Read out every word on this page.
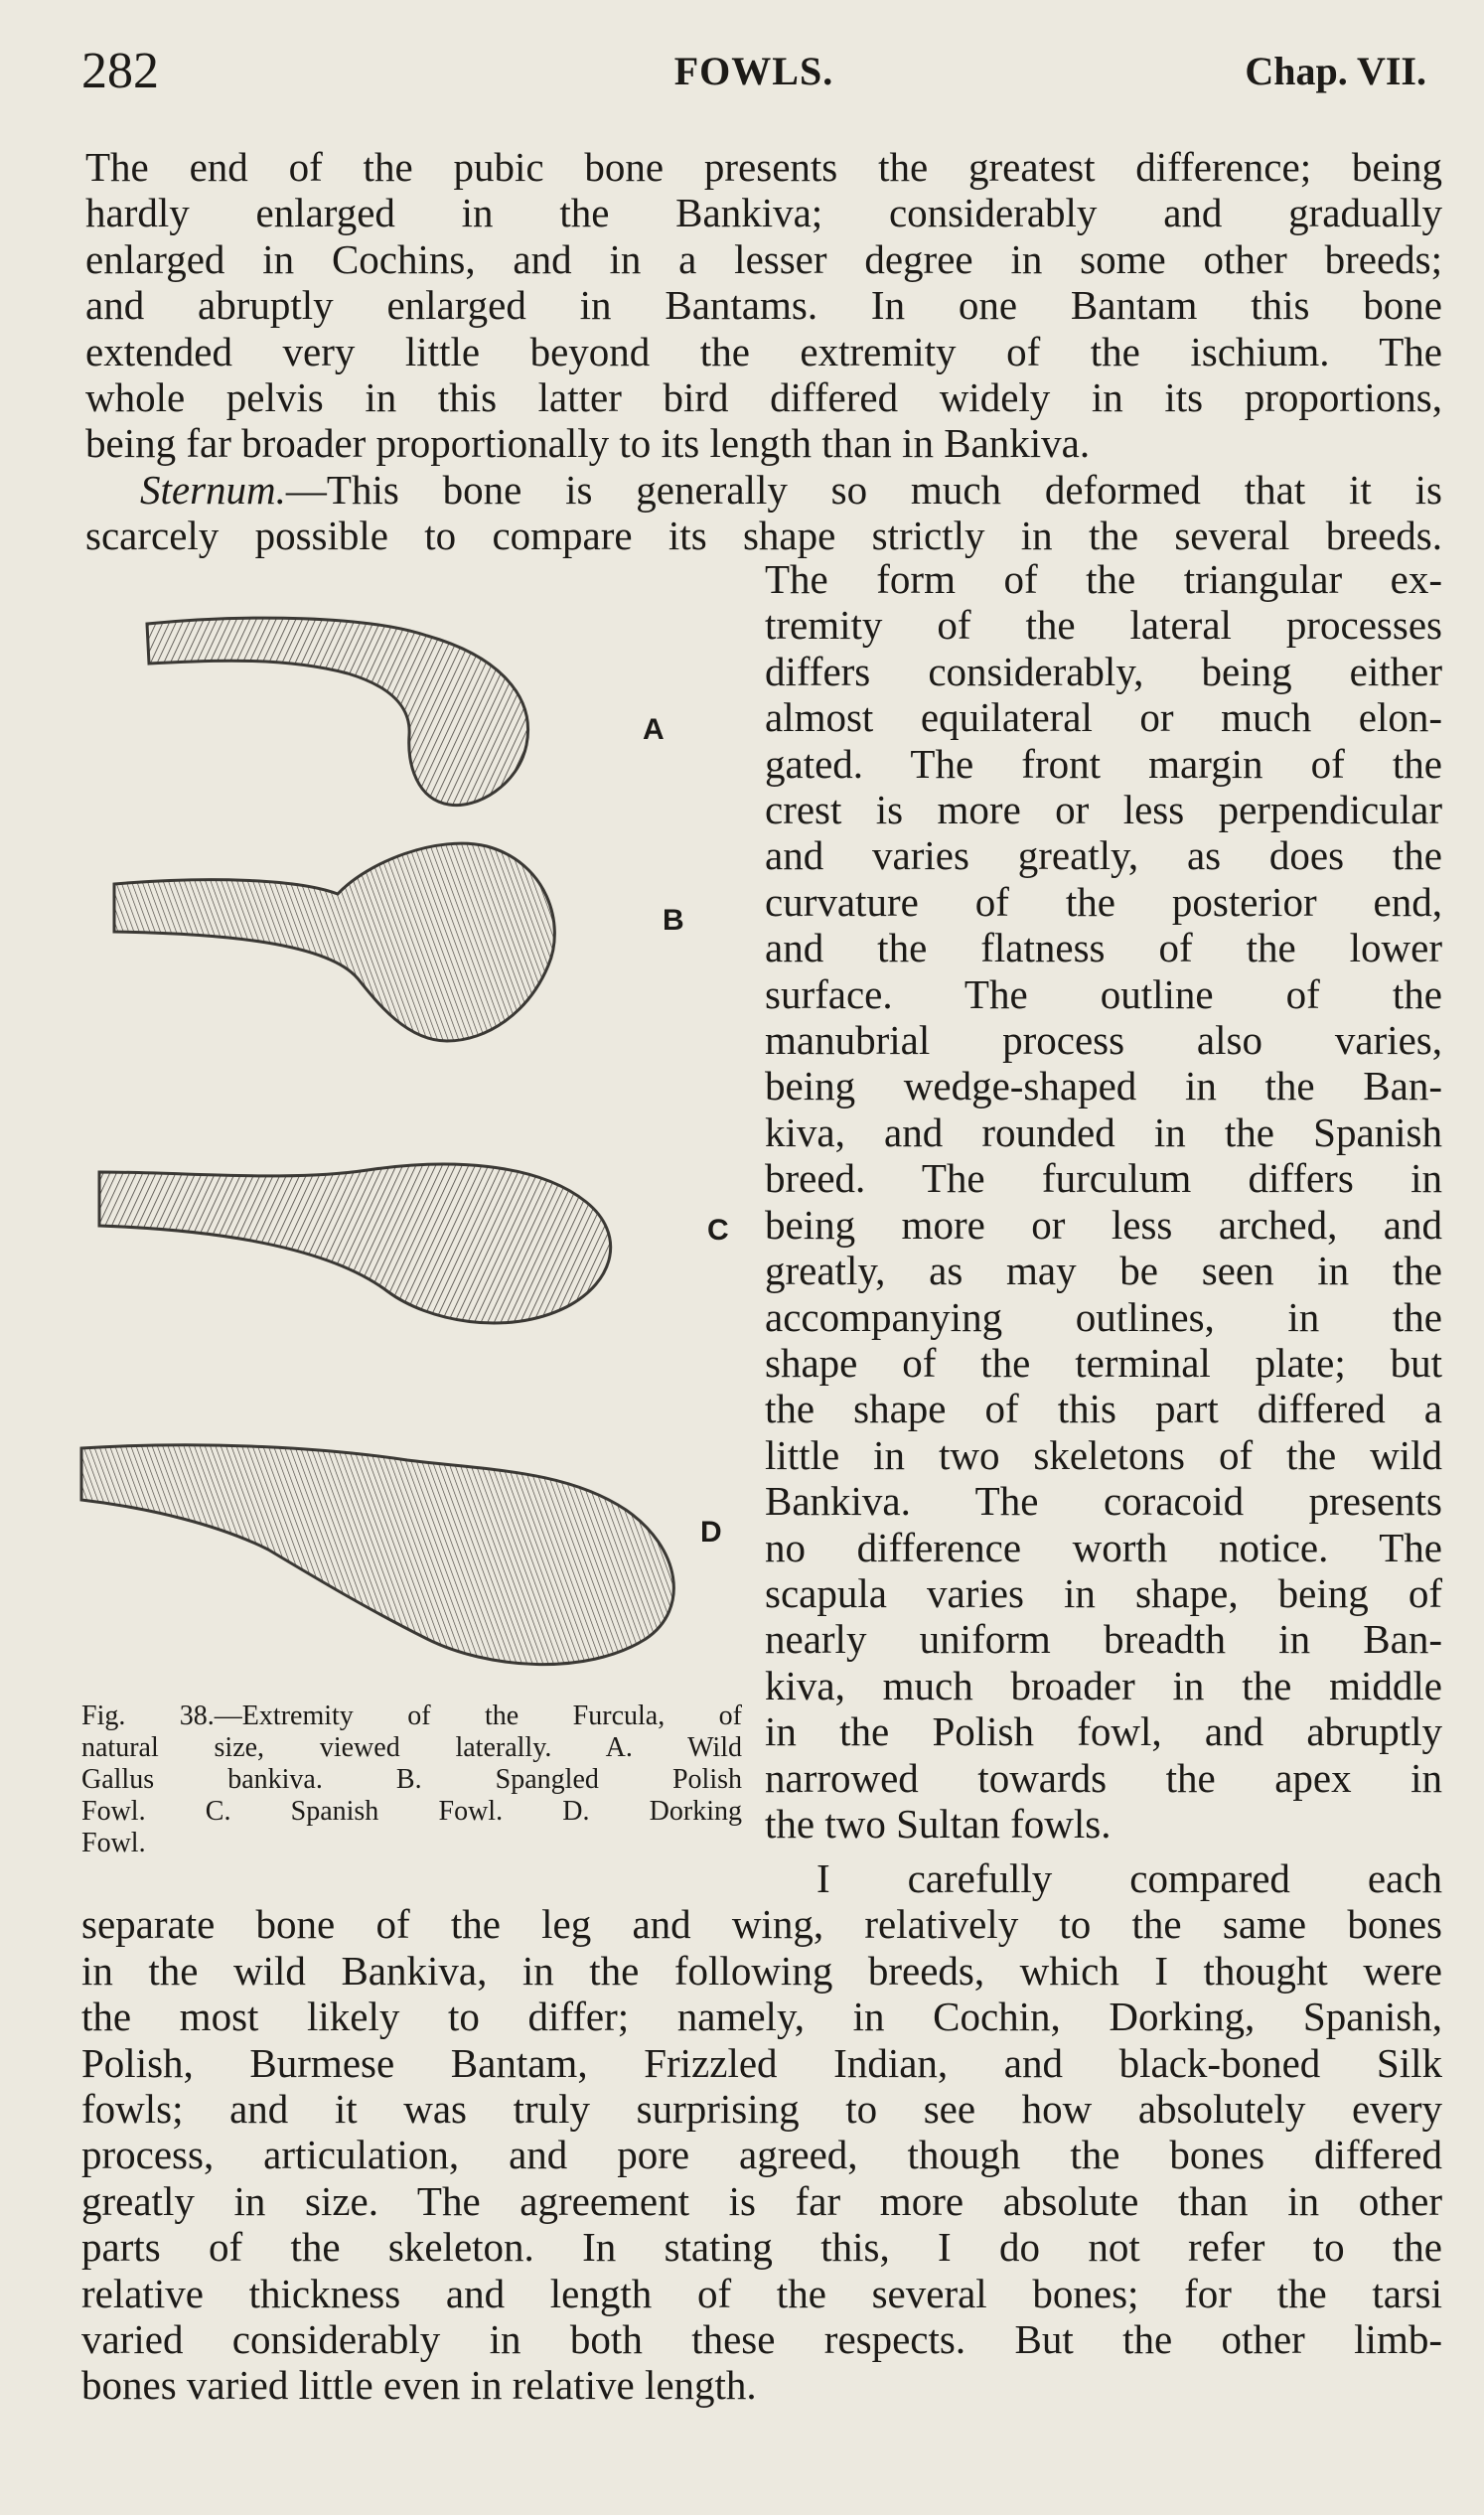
282	FOWLS.	Chap. VII.

The end of the pubic bone presents the greatest difference; being
hardly enlarged in the Bankiva; considerably and gradually
enlarged in Cochins, and in a lesser degree in some other breeds;
and abruptly enlarged in Bantams. In one Bantam this bone
extended very little beyond the extremity of the ischium. The
whole pelvis in this latter bird differed widely in its proportions,
being far broader proportionally to its length than in Bankiva.

Sternum.—This bone is generally so much deformed that it is
scarcely possible to compare its shape strictly in the several breeds.

A
B
C
D
Fig. 38.—Extremity of the Furcula, of
natural size, viewed laterally. A. Wild
Gallus bankiva. B. Spangled Polish
Fowl. C. Spanish Fowl. D. Dorking
Fowl.

The form of the triangular ex-
tremity of the lateral processes
differs considerably, being either
almost equilateral or much elon-
gated. The front margin of the
crest is more or less perpendicular
and varies greatly, as does the
curvature of the posterior end,
and the flatness of the lower
surface. The outline of the
manubrial process also varies,
being wedge-shaped in the Ban-
kiva, and rounded in the Spanish
breed. The furculum differs in
being more or less arched, and
greatly, as may be seen in the
accompanying outlines, in the
shape of the terminal plate; but
the shape of this part differed a
little in two skeletons of the wild
Bankiva. The coracoid presents
no difference worth notice. The
scapula varies in shape, being of
nearly uniform breadth in Ban-
kiva, much broader in the middle
in the Polish fowl, and abruptly
narrowed towards the apex in
the two Sultan fowls.

I carefully compared each
separate bone of the leg and wing, relatively to the same bones
in the wild Bankiva, in the following breeds, which I thought were
the most likely to differ; namely, in Cochin, Dorking, Spanish,
Polish, Burmese Bantam, Frizzled Indian, and black-boned Silk
fowls; and it was truly surprising to see how absolutely every
process, articulation, and pore agreed, though the bones differed
greatly in size. The agreement is far more absolute than in other
parts of the skeleton. In stating this, I do not refer to the
relative thickness and length of the several bones; for the tarsi
varied considerably in both these respects. But the other limb-
bones varied little even in relative length.
